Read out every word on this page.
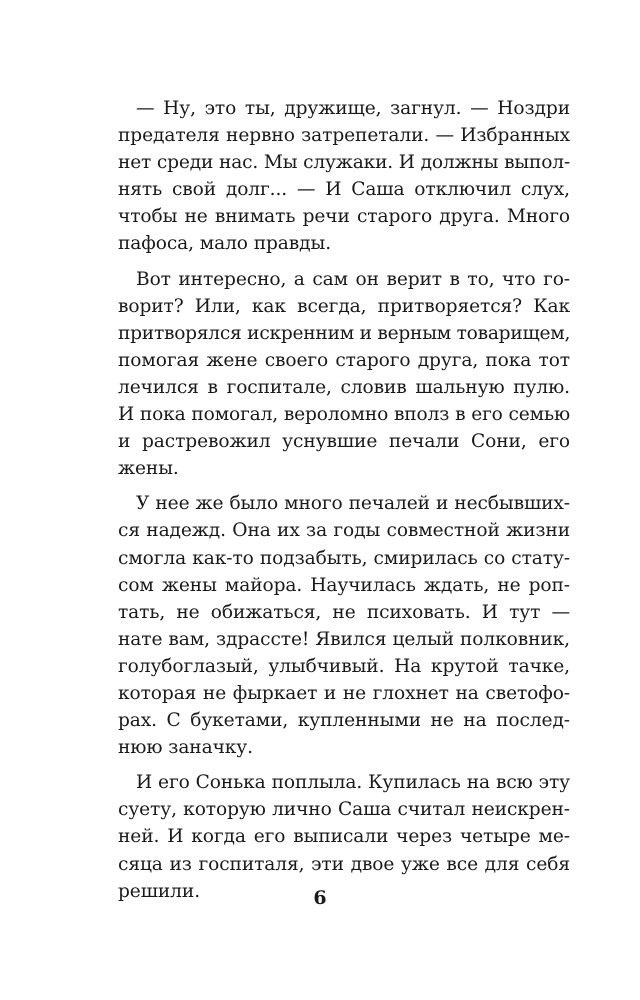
— Ну, это ты, дружище, загнул. — Ноздри
предателя нервно затрепетали. — Избранных
нет среди нас. Мы служаки. И должны выпол-
нять свой долг... — И Саша отключил слух,
чтобы не внимать речи старого друга. Много
пафоса, мало правды.
Вот интересно, а сам он верит в то, что го-
ворит? Или, как всегда, притворяется? Как
притворялся искренним и верным товарищем,
помогая жене своего старого друга, пока тот
лечился в госпитале, словив шальную пулю.
И пока помогал, вероломно вполз в его семью
и растревожил уснувшие печали Сони, его
жены.
У нее же было много печалей и несбывших-
ся надежд. Она их за годы совместной жизни
смогла как-то подзабыть, смирилась со стату-
сом жены майора. Научилась ждать, не роп-
тать, не обижаться, не психовать. И тут —
нате вам, здрассте! Явился целый полковник,
голубоглазый, улыбчивый. На крутой тачке,
которая не фыркает и не глохнет на светофо-
рах. С букетами, купленными не на послед-
нюю заначку.
И его Сонька поплыла. Купилась на всю эту
суету, которую лично Саша считал неискрен-
ней. И когда его выписали через четыре ме-
сяца из госпиталя, эти двое уже все для себя
решили.	6
